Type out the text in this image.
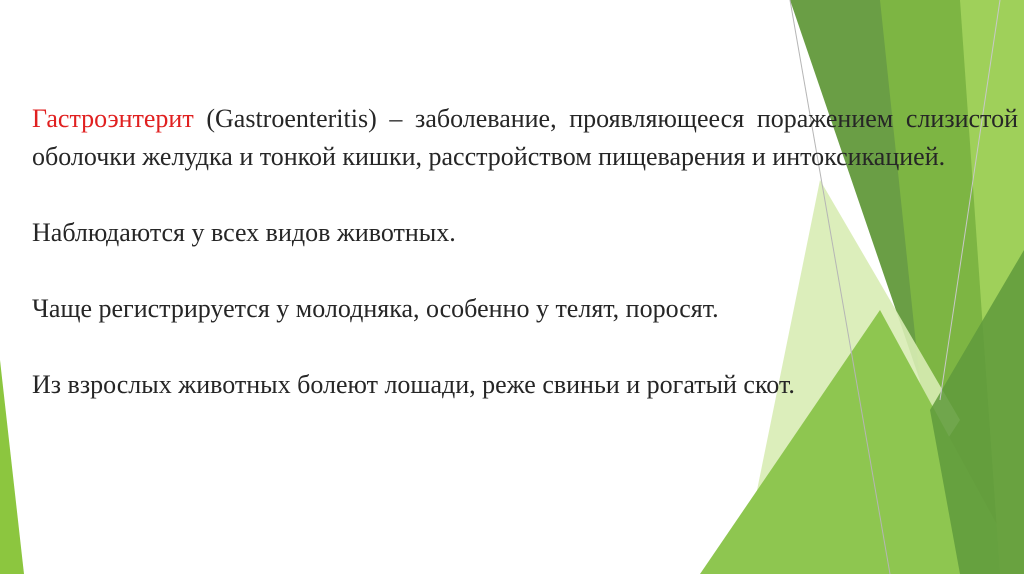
Гастроэнтерит (Gastroenteritis) – заболевание, проявляющееся поражением слизистой оболочки желудка и тонкой кишки, расстройством пищеварения и интоксикацией.

Наблюдаются у всех видов животных.

Чаще регистрируется у молодняка, особенно у телят, поросят.

Из взрослых животных болеют лошади, реже свиньи и рогатый скот.
